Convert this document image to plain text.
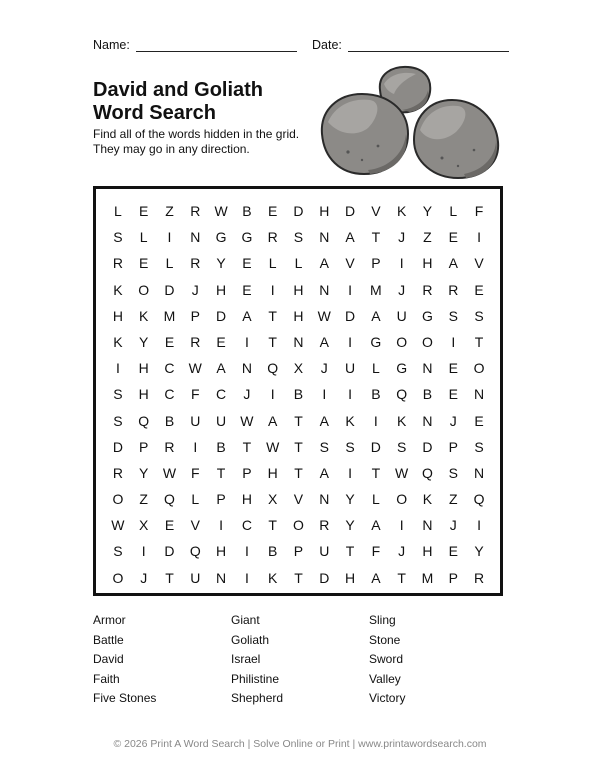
Name:	Date:
David and Goliath
Word Search
Find all of the words hidden in the grid.
They may go in any direction.
L	E	Z	R	W	B	E	D	H	D	V	K	Y	L	F
S	L	I	N	G	G	R	S	N	A	T	J	Z	E	I
R	E	L	R	Y	E	L	L	A	V	P	I	H	A	V
K	O	D	J	H	E	I	H	N	I	M	J	R	R	E
H	K	M	P	D	A	T	H	W	D	A	U	G	S	S
K	Y	E	R	E	I	T	N	A	I	G	O	O	I	T
I	H	C	W	A	N	Q	X	J	U	L	G	N	E	O
S	H	C	F	C	J	I	B	I	I	B	Q	B	E	N
S	Q	B	U	U	W	A	T	A	K	I	K	N	J	E
D	P	R	I	B	T	W	T	S	S	D	S	D	P	S
R	Y	W	F	T	P	H	T	A	I	T	W Q	S	N
O	Z	Q	L	P	H	X	V	N	Y	L	O	K	Z	Q
W	X	E	V	I	C	T	O	R	Y	A	I	N	J	I
S	I	D	Q	H	I	B	P	U	T	F	J	H	E	Y
O	J	T	U	N	I	K	T	D	H	A	T	M	P	R
Armor	Giant	Sling
Battle	Goliath	Stone
David	Israel	Sword
Faith	Philistine	Valley
Five Stones	Shepherd	Victory
© 2026 Print A Word Search | Solve Online or Print | www.printawordsearch.com
